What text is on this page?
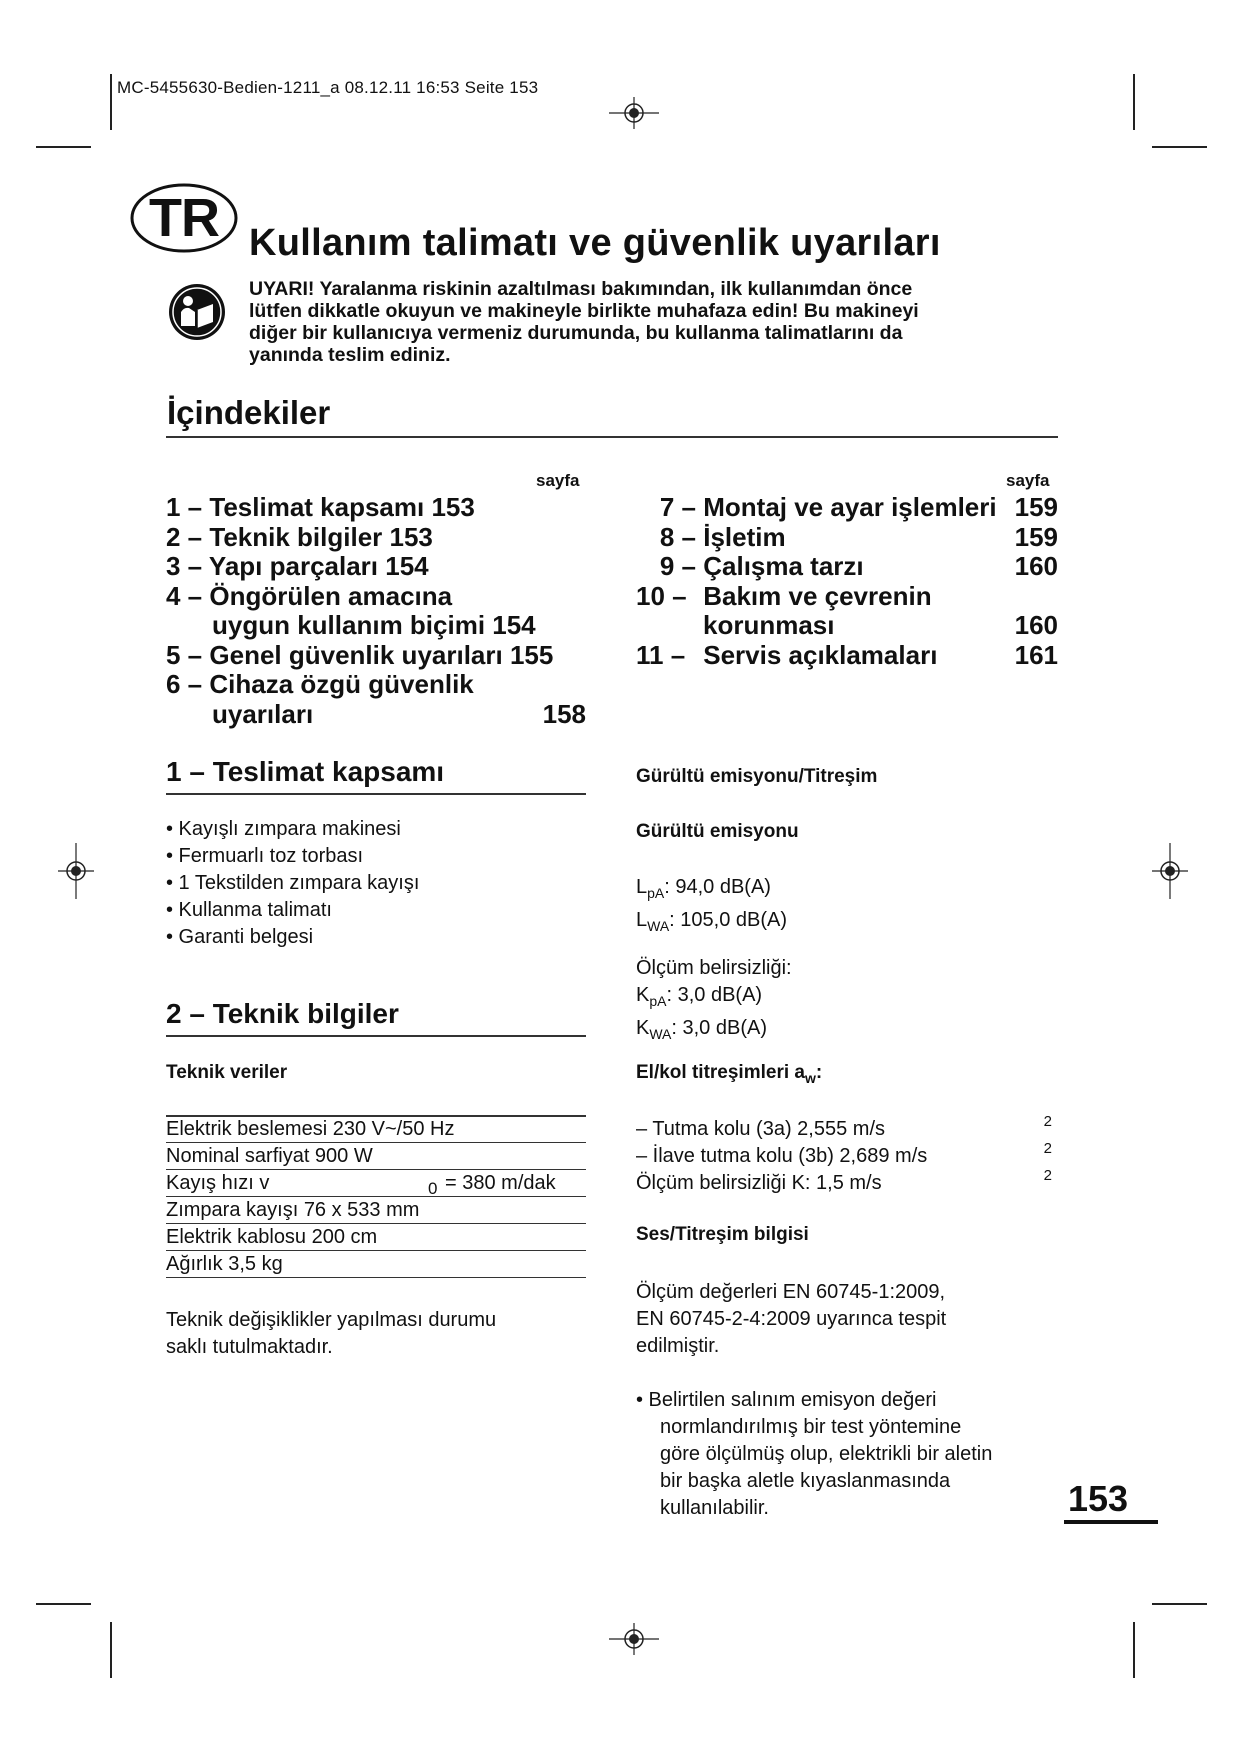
MC-5455630-Bedien-1211_a 08.12.11 16:53 Seite 153
TR Kullanım talimatı ve güvenlik uyarıları
UYARI! Yaralanma riskinin azaltılması bakımından, ilk kullanımdan önce
lütfen dikkatle okuyun ve makineyle birlikte muhafaza edin! Bu makineyi
diğer bir kullanıcıya vermeniz durumunda, bu kullanma talimatlarını da
yanında teslim ediniz.
İçindekiler
sayfa	sayfa
1 – Teslimat kapsamı 153
2 – Teknik bilgiler 153
3 – Yapı parçaları 154
4 – Öngörülen amacına
uygun kullanım biçimi 154
5 – Genel güvenlik uyarıları 155
6 – Cihaza özgü güvenlik
uyarıları	158
7 – Montaj ve ayar işlemleri 159
8 – İşletim	159
9 – Çalışma tarzı	160
10 – Bakım ve çevrenin
korunması	160
11 – Servis açıklamaları	161
1 – Teslimat kapsamı
• Kayışlı zımpara makinesi
• Fermuarlı toz torbası
• 1 Tekstilden zımpara kayışı
• Kullanma talimatı
• Garanti belgesi
2 – Teknik bilgiler
Teknik veriler
Elektrik beslemesi 230 V~/50 Hz
Nominal sarfiyat 900 W
Kayış hızı v	0 = 380 m/dak
Zımpara kayışı 76 x 533 mm
Elektrik kablosu 200 cm
Ağırlık 3,5 kg
Teknik değişiklikler yapılması durumu
saklı tutulmaktadır.
Gürültü emisyonu/Titreşim
Gürültü emisyonu
$L_{pA}$: 94,0 dB(A)
$L_{WA}$: 105,0 dB(A)
Ölçüm belirsizliği:
$K_{pA}$: 3,0 dB(A)
$K_{WA}$: 3,0 dB(A)
El/kol titreşimleri $a_w$:
– Tutma kolu (3a) 2,555 m/s	2
– İlave tutma kolu (3b) 2,689 m/s	2
Ölçüm belirsizliği K: 1,5 m/s	2
Ses/Titreşim bilgisi
Ölçüm değerleri EN 60745-1:2009,
EN 60745-2-4:2009 uyarınca tespit
edilmiştir.
• Belirtilen salınım emisyon değeri
normlandırılmış bir test yöntemine
göre ölçülmüş olup, elektrikli bir aletin
bir başka aletle kıyaslanmasında
kullanılabilir.	153
